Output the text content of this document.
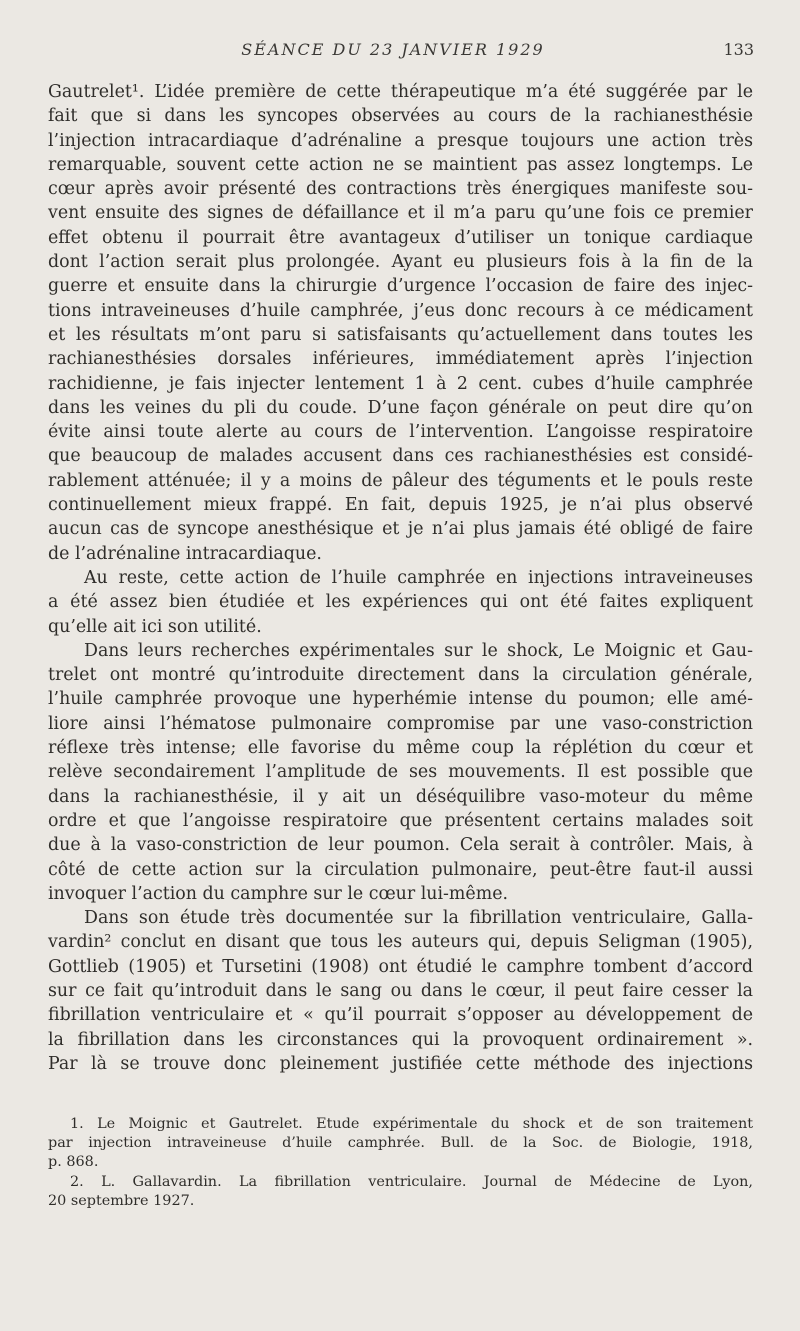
SÉANCE DU 23 JANVIER 1929	133
Gautrelet¹. L’idée première de cette thérapeutique m’a été suggérée par le
fait que si dans les syncopes observées au cours de la rachianesthésie
l’injection intracardiaque d’adrénaline a presque toujours une action très
remarquable, souvent cette action ne se maintient pas assez longtemps. Le
cœur après avoir présenté des contractions très énergiques manifeste sou-
vent ensuite des signes de défaillance et il m’a paru qu’une fois ce premier
effet obtenu il pourrait être avantageux d’utiliser un tonique cardiaque
dont l’action serait plus prolongée. Ayant eu plusieurs fois à la fin de la
guerre et ensuite dans la chirurgie d’urgence l’occasion de faire des injec-
tions intraveineuses d’huile camphrée, j’eus donc recours à ce médicament
et les résultats m’ont paru si satisfaisants qu’actuellement dans toutes les
rachianesthésies dorsales inférieures, immédiatement après l’injection
rachidienne, je fais injecter lentement 1 à 2 cent. cubes d’huile camphrée
dans les veines du pli du coude. D’une façon générale on peut dire qu’on
évite ainsi toute alerte au cours de l’intervention. L’angoisse respiratoire
que beaucoup de malades accusent dans ces rachianesthésies est considé-
rablement atténuée; il y a moins de pâleur des téguments et le pouls reste
continuellement mieux frappé. En fait, depuis 1925, je n’ai plus observé
aucun cas de syncope anesthésique et je n’ai plus jamais été obligé de faire
de l’adrénaline intracardiaque.
Au reste, cette action de l’huile camphrée en injections intraveineuses
a été assez bien étudiée et les expériences qui ont été faites expliquent
qu’elle ait ici son utilité.
Dans leurs recherches expérimentales sur le shock, Le Moignic et Gau-
trelet ont montré qu’introduite directement dans la circulation générale,
l’huile camphrée provoque une hyperhémie intense du poumon; elle amé-
liore ainsi l’hématose pulmonaire compromise par une vaso-constriction
réflexe très intense; elle favorise du même coup la réplétion du cœur et
relève secondairement l’amplitude de ses mouvements. Il est possible que
dans la rachianesthésie, il y ait un déséquilibre vaso-moteur du même
ordre et que l’angoisse respiratoire que présentent certains malades soit
due à la vaso-constriction de leur poumon. Cela serait à contrôler. Mais, à
côté de cette action sur la circulation pulmonaire, peut-être faut-il aussi
invoquer l’action du camphre sur le cœur lui-même.
Dans son étude très documentée sur la fibrillation ventriculaire, Galla-
vardin² conclut en disant que tous les auteurs qui, depuis Seligman (1905),
Gottlieb (1905) et Tursetini (1908) ont étudié le camphre tombent d’accord
sur ce fait qu’introduit dans le sang ou dans le cœur, il peut faire cesser la
fibrillation ventriculaire et « qu’il pourrait s’opposer au développement de
la fibrillation dans les circonstances qui la provoquent ordinairement ».
Par là se trouve donc pleinement justifiée cette méthode des injections
1. Le Moignic et Gautrelet. Etude expérimentale du shock et de son traitement
par injection intraveineuse d’huile camphrée. Bull. de la Soc. de Biologie, 1918,
p. 868.
2. L. Gallavardin. La fibrillation ventriculaire. Journal de Médecine de Lyon,
20 septembre 1927.
